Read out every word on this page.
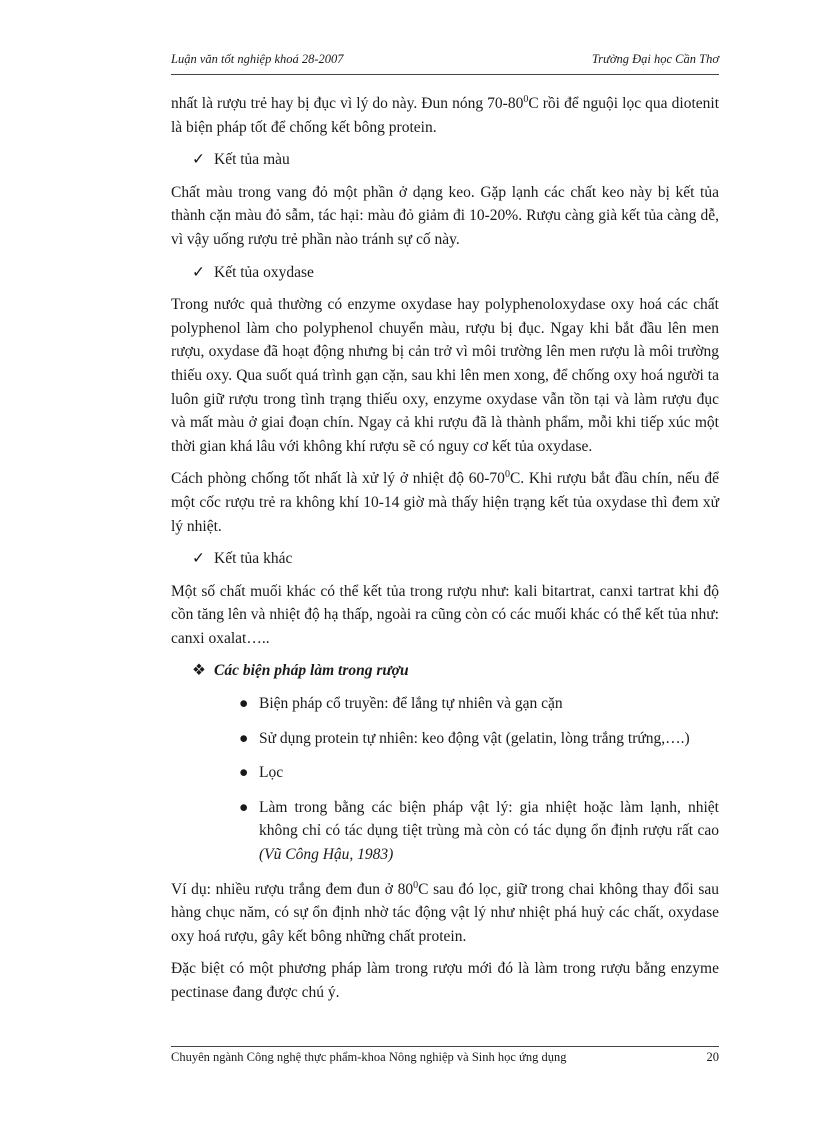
Luận văn tốt nghiệp khoá 28-2007	Trường Đại học Cần Thơ

nhất là rượu trẻ hay bị đục vì lý do này. Đun nóng $70-80^0C$ rồi để nguội lọc qua diotenit là biện pháp tốt để chống kết bông protein.

✓ Kết tủa màu

Chất màu trong vang đỏ một phần ở dạng keo. Gặp lạnh các chất keo này bị kết tủa thành cặn màu đỏ sẫm, tác hại: màu đỏ giảm đi 10-20%. Rượu càng già kết tủa càng dễ, vì vậy uống rượu trẻ phần nào tránh sự cố này.

✓ Kết tủa oxydase

Trong nước quả thường có enzyme oxydase hay polyphenoloxydase oxy hoá các chất polyphenol làm cho polyphenol chuyển màu, rượu bị đục. Ngay khi bắt đầu lên men rượu, oxydase đã hoạt động nhưng bị cản trở vì môi trường lên men rượu là môi trường thiếu oxy. Qua suốt quá trình gạn cặn, sau khi lên men xong, để chống oxy hoá người ta luôn giữ rượu trong tình trạng thiếu oxy, enzyme oxydase vẫn tồn tại và làm rượu đục và mất màu ở giai đoạn chín. Ngay cả khi rượu đã là thành phẩm, mỗi khi tiếp xúc một thời gian khá lâu với không khí rượu sẽ có nguy cơ kết tủa oxydase.

Cách phòng chống tốt nhất là xử lý ở nhiệt độ $60-70^0C$. Khi rượu bắt đầu chín, nếu để một cốc rượu trẻ ra không khí 10-14 giờ mà thấy hiện trạng kết tủa oxydase thì đem xử lý nhiệt.

✓ Kết tủa khác

Một số chất muối khác có thể kết tủa trong rượu như: kali bitartrat, canxi tartrat khi độ cồn tăng lên và nhiệt độ hạ thấp, ngoài ra cũng còn có các muối khác có thể kết tủa như: canxi oxalat…..

❖ Các biện pháp làm trong rượu
● Biện pháp cổ truyền: để lắng tự nhiên và gạn cặn
● Sử dụng protein tự nhiên: keo động vật (gelatin, lòng trắng trứng,….)
● Lọc
● Làm trong bằng các biện pháp vật lý: gia nhiệt hoặc làm lạnh, nhiệt không chỉ có tác dụng tiệt trùng mà còn có tác dụng ổn định rượu rất cao (Vũ Công Hậu, 1983)

Ví dụ: nhiều rượu trắng đem đun ở $80^0C$ sau đó lọc, giữ trong chai không thay đổi sau hàng chục năm, có sự ổn định nhờ tác động vật lý như nhiệt phá huỷ các chất, oxydase oxy hoá rượu, gây kết bông những chất protein.

Đặc biệt có một phương pháp làm trong rượu mới đó là làm trong rượu bằng enzyme pectinase đang được chú ý.

Chuyên ngành Công nghệ thực phẩm-khoa Nông nghiệp và Sinh học ứng dụng	20
